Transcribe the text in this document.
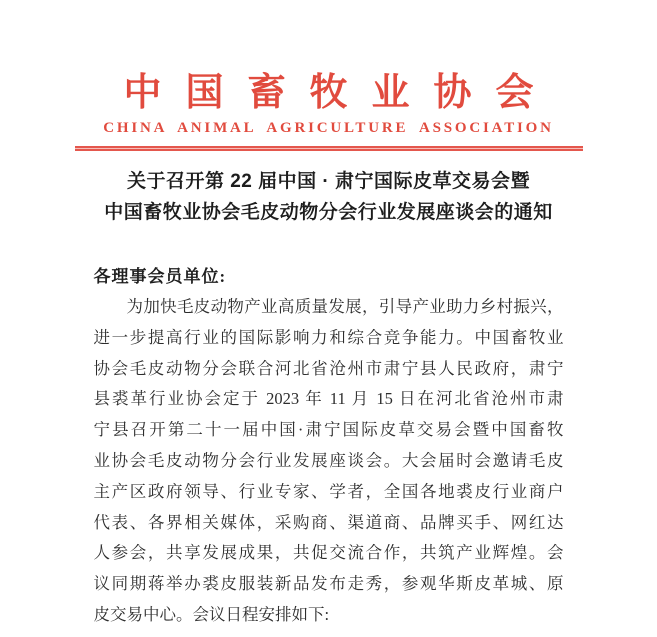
中国畜牧业协会
CHINA ANIMAL AGRICULTURE ASSOCIATION
关于召开第 22 届中国 · 肃宁国际皮草交易会暨
中国畜牧业协会毛皮动物分会行业发展座谈会的通知
各理事会员单位:
为加快毛皮动物产业高质量发展，引导产业助力乡村振兴，
进一步提高行业的国际影响力和综合竞争能力。中国畜牧业
协会毛皮动物分会联合河北省沧州市肃宁县人民政府，肃宁
县裘革行业协会定于 2023 年 11 月 15 日在河北省沧州市肃
宁县召开第二十一届中国·肃宁国际皮草交易会暨中国畜牧
业协会毛皮动物分会行业发展座谈会。大会届时会邀请毛皮
主产区政府领导、行业专家、学者，全国各地裘皮行业商户
代表、各界相关媒体，采购商、渠道商、品牌买手、网红达
人参会，共享发展成果，共促交流合作，共筑产业辉煌。会
议同期蒋举办裘皮服装新品发布走秀，参观华斯皮革城、原
皮交易中心。会议日程安排如下:
